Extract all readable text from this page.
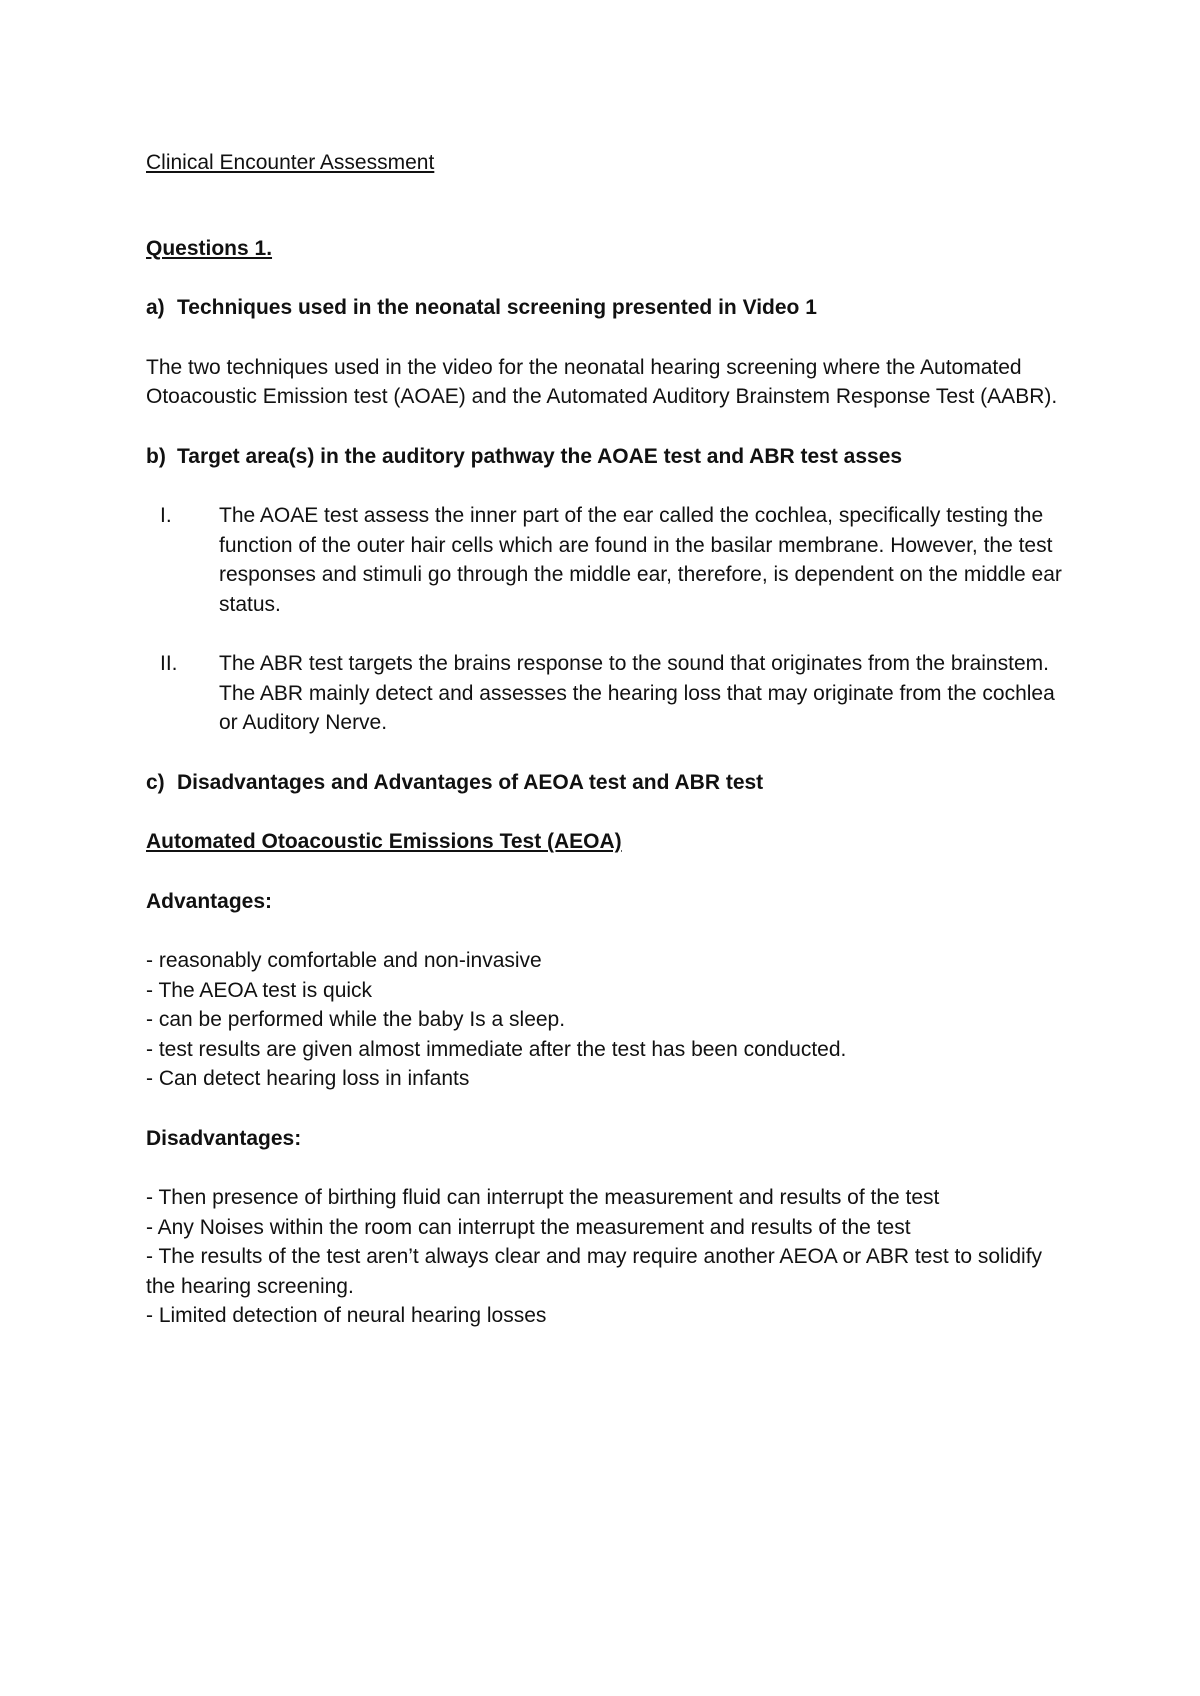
Clinical Encounter Assessment
Questions 1.
a) Techniques used in the neonatal screening presented in Video 1
The two techniques used in the video for the neonatal hearing screening where the Automated Otoacoustic Emission test (AOAE) and the Automated Auditory Brainstem Response Test (AABR).
b) Target area(s) in the auditory pathway the AOAE test and ABR test asses
I.	The AOAE test assess the inner part of the ear called the cochlea, specifically testing the function of the outer hair cells which are found in the basilar membrane. However, the test responses and stimuli go through the middle ear, therefore, is dependent on the middle ear status.
II.	The ABR test targets the brains response to the sound that originates from the brainstem. The ABR mainly detect and assesses the hearing loss that may originate from the cochlea or Auditory Nerve.
c) Disadvantages and Advantages of AEOA test and ABR test
Automated Otoacoustic Emissions Test (AEOA)
Advantages:
- reasonably comfortable and non-invasive
- The AEOA test is quick
- can be performed while the baby Is a sleep.
- test results are given almost immediate after the test has been conducted.
- Can detect hearing loss in infants
Disadvantages:
- Then presence of birthing fluid can interrupt the measurement and results of the test
- Any Noises within the room can interrupt the measurement and results of the test
- The results of the test aren’t always clear and may require another AEOA or ABR test to solidify the hearing screening.
- Limited detection of neural hearing losses
